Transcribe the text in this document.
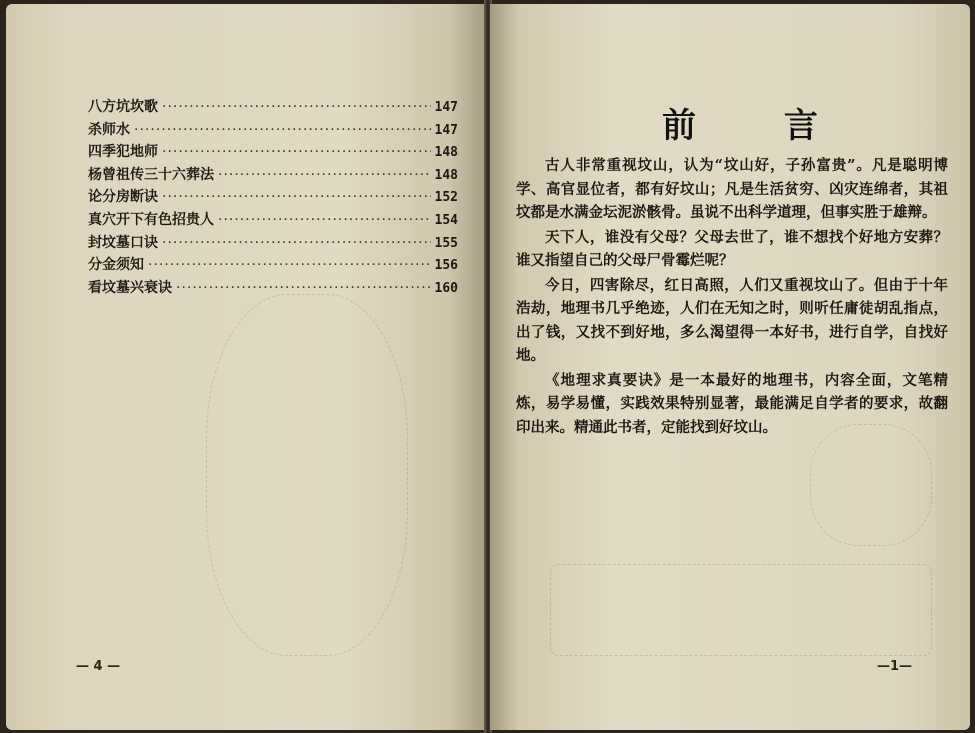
八方坑坎歌 ·····	147
杀师水 ·····	147
四季犯地师 ·····	148
杨曾祖传三十六葬法 ·····	148
论分房断诀 ·····	152
真穴开下有色招贵人 ·····	154
封坟墓口诀 ·····	155
分金须知 ·····	156
看坟墓兴衰诀 ·····	160
— 4 —
前 言

古人非常重视坟山，认为“坟山好，子孙富贵”。凡是聪明博学、高官显位者，都有好坟山；凡是生活贫穷、凶灾连绵者，其祖坟都是水满金坛泥淤骸骨。虽说不出科学道理，但事实胜于雄辩。

天下人，谁没有父母？父母去世了，谁不想找个好地方安葬？谁又指望自己的父母尸骨霉烂呢？

今日，四害除尽，红日高照，人们又重视坟山了。但由于十年浩劫，地理书几乎绝迹，人们在无知之时，则听任庸徒胡乱指点，出了钱，又找不到好地，多么渴望得一本好书，进行自学，自找好地。

《地理求真要诀》是一本最好的地理书，内容全面，文笔精炼，易学易懂，实践效果特别显著，最能满足自学者的要求，故翻印出来。精通此书者，定能找到好坟山。

—1—
